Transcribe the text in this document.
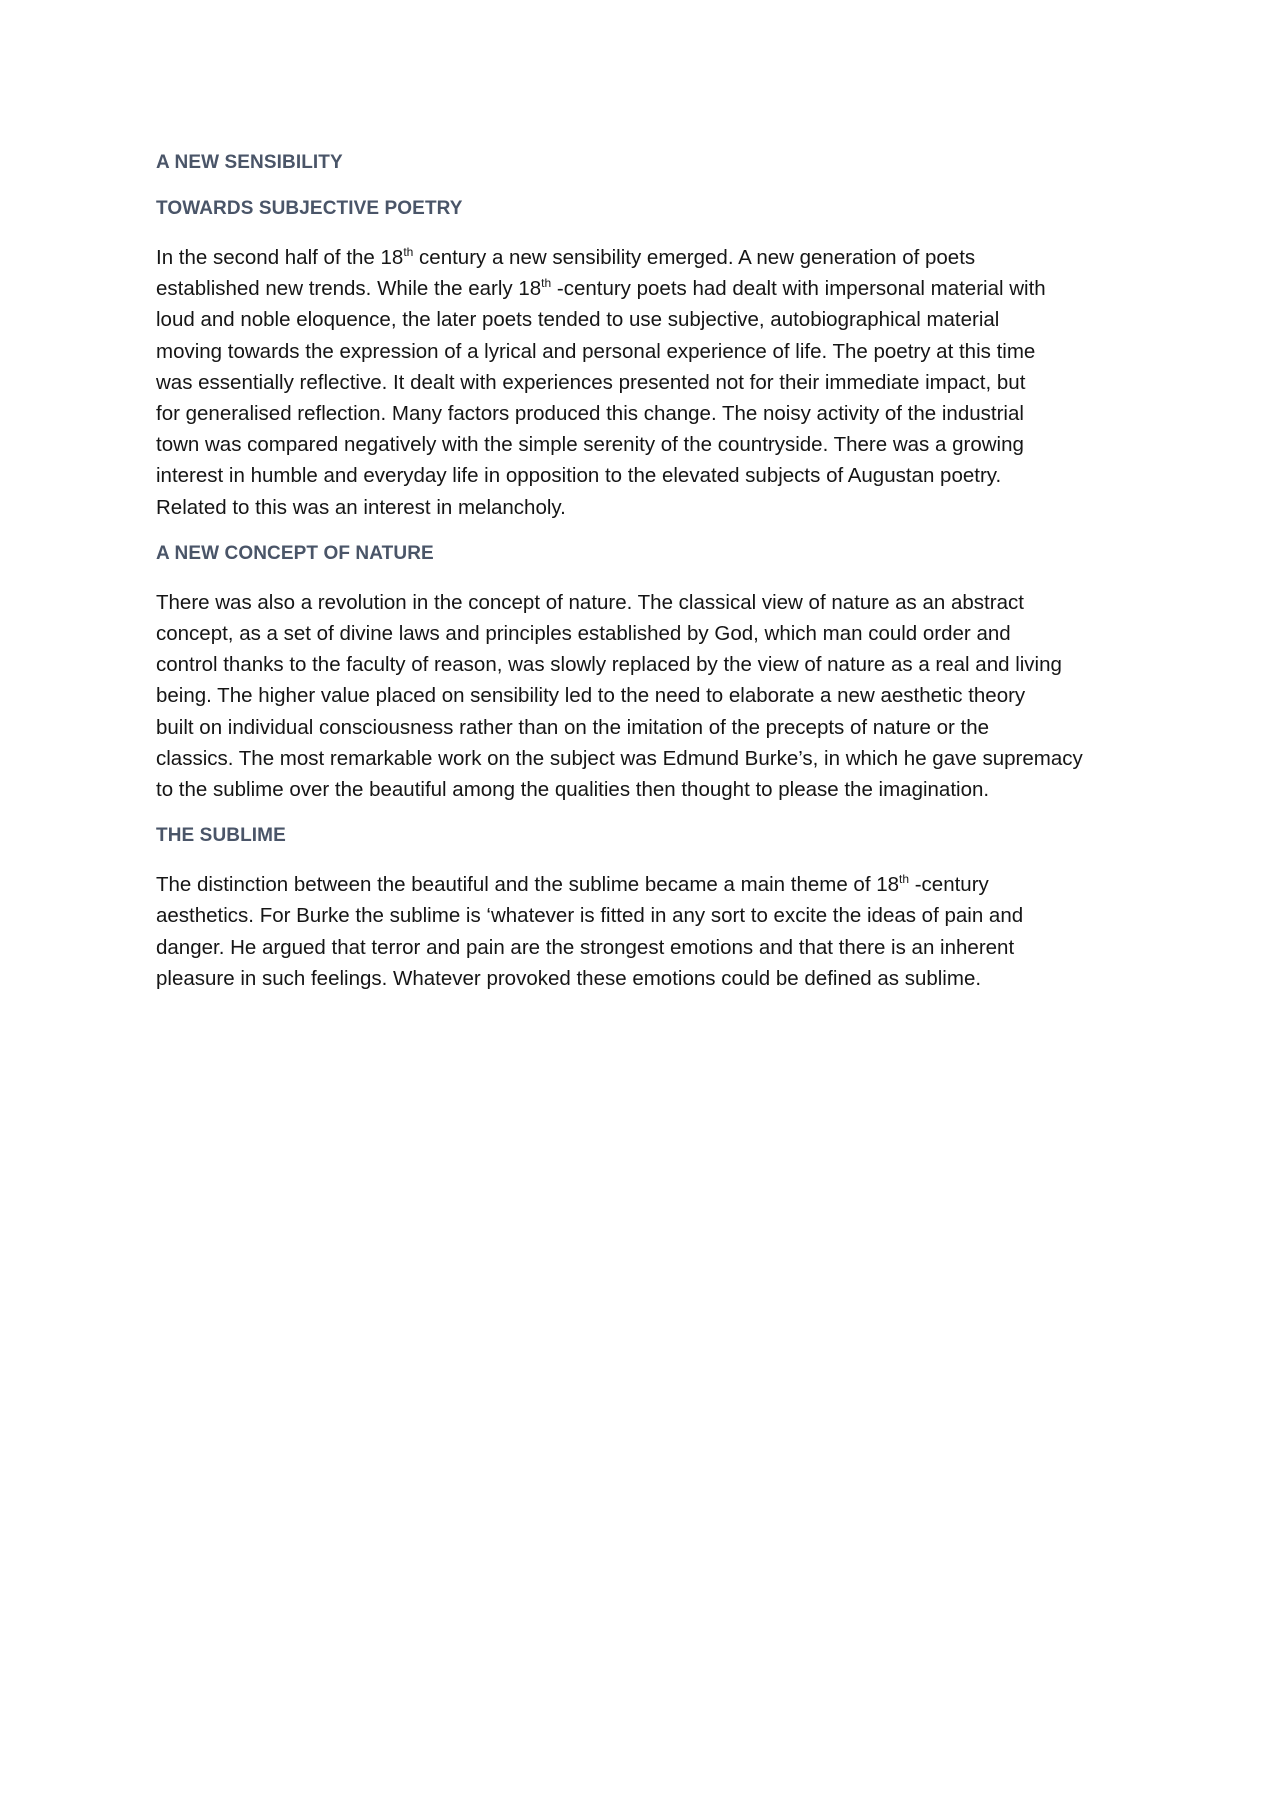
A NEW SENSIBILITY
TOWARDS SUBJECTIVE POETRY
In the second half of the 18th century a new sensibility emerged. A new generation of poets
established new trends. While the early 18th -century poets had dealt with impersonal material with
loud and noble eloquence, the later poets tended to use subjective, autobiographical material
moving towards the expression of a lyrical and personal experience of life. The poetry at this time
was essentially reflective. It dealt with experiences presented not for their immediate impact, but
for generalised reflection. Many factors produced this change. The noisy activity of the industrial
town was compared negatively with the simple serenity of the countryside. There was a growing
interest in humble and everyday life in opposition to the elevated subjects of Augustan poetry.
Related to this was an interest in melancholy.
A NEW CONCEPT OF NATURE
There was also a revolution in the concept of nature. The classical view of nature as an abstract
concept, as a set of divine laws and principles established by God, which man could order and
control thanks to the faculty of reason, was slowly replaced by the view of nature as a real and living
being. The higher value placed on sensibility led to the need to elaborate a new aesthetic theory
built on individual consciousness rather than on the imitation of the precepts of nature or the
classics. The most remarkable work on the subject was Edmund Burke’s, in which he gave supremacy
to the sublime over the beautiful among the qualities then thought to please the imagination.
THE SUBLIME
The distinction between the beautiful and the sublime became a main theme of 18th -century
aesthetics. For Burke the sublime is ‘whatever is fitted in any sort to excite the ideas of pain and
danger. He argued that terror and pain are the strongest emotions and that there is an inherent
pleasure in such feelings. Whatever provoked these emotions could be defined as sublime.
